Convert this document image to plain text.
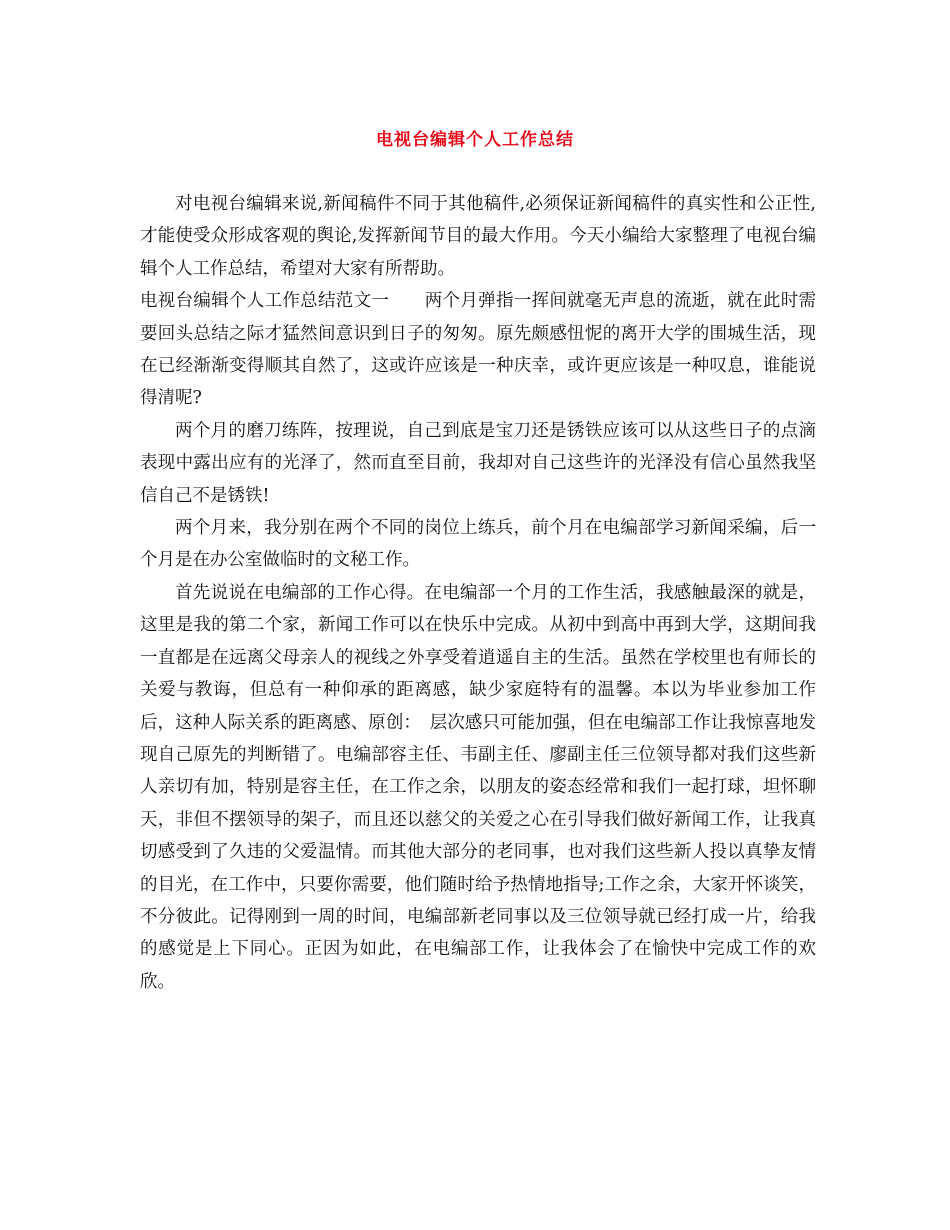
电视台编辑个人工作总结

对电视台编辑来说,新闻稿件不同于其他稿件,必须保证新闻稿件的真实性和公正性,才能使受众形成客观的舆论,发挥新闻节目的最大作用。今天小编给大家整理了电视台编辑个人工作总结，希望对大家有所帮助。

电视台编辑个人工作总结范文一　　两个月弹指一挥间就毫无声息的流逝，就在此时需要回头总结之际才猛然间意识到日子的匆匆。原先颇感忸怩的离开大学的围城生活，现在已经渐渐变得顺其自然了，这或许应该是一种庆幸，或许更应该是一种叹息，谁能说得清呢?

两个月的磨刀练阵，按理说，自己到底是宝刀还是锈铁应该可以从这些日子的点滴表现中露出应有的光泽了，然而直至目前，我却对自己这些许的光泽没有信心虽然我坚信自己不是锈铁!

两个月来，我分别在两个不同的岗位上练兵，前个月在电编部学习新闻采编，后一个月是在办公室做临时的文秘工作。

首先说说在电编部的工作心得。在电编部一个月的工作生活，我感触最深的就是，这里是我的第二个家，新闻工作可以在快乐中完成。从初中到高中再到大学，这期间我一直都是在远离父母亲人的视线之外享受着逍遥自主的生活。虽然在学校里也有师长的关爱与教诲，但总有一种仰承的距离感，缺少家庭特有的温馨。本以为毕业参加工作后，这种人际关系的距离感、原创：　层次感只可能加强，但在电编部工作让我惊喜地发现自己原先的判断错了。电编部容主任、韦副主任、廖副主任三位领导都对我们这些新人亲切有加，特别是容主任，在工作之余，以朋友的姿态经常和我们一起打球，坦怀聊天，非但不摆领导的架子，而且还以慈父的关爱之心在引导我们做好新闻工作，让我真切感受到了久违的父爱温情。而其他大部分的老同事，也对我们这些新人投以真挚友情的目光，在工作中，只要你需要，他们随时给予热情地指导;工作之余，大家开怀谈笑，不分彼此。记得刚到一周的时间，电编部新老同事以及三位领导就已经打成一片，给我的感觉是上下同心。正因为如此，在电编部工作，让我体会了在愉快中完成工作的欢欣。
